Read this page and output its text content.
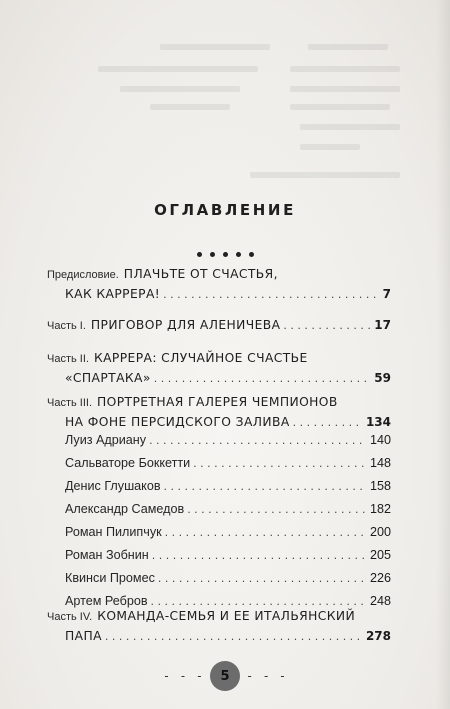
ОГЛАВЛЕНИЕ
Предисловие. ПЛАЧЬТЕ ОТ СЧАСТЬЯ,
КАК КАРРЕРА! . . .	7
Часть I. ПРИГОВОР ДЛЯ АЛЕНИЧЕВА . . .	17
Часть II. КАРРЕРА: СЛУЧАЙНОЕ СЧАСТЬЕ
«СПАРТАКА» . . .	59
Часть III. ПОРТРЕТНАЯ ГАЛЕРЕЯ ЧЕМПИОНОВ
НА ФОНЕ ПЕРСИДСКОГО ЗАЛИВА . . .	134
Луиз Адриану . . .	140
Сальваторе Боккетти . . .	148
Денис Глушаков . . .	158
Александр Самедов . . .	182
Роман Пилипчук . . .	200
Роман Зобнин . . .	205
Квинси Промес . . .	226
Артем Ребров . . .	248
Часть IV. КОМАНДА-СЕМЬЯ И ЕЕ ИТАЛЬЯНСКИЙ
ПАПА . . .	278
- - - 5 - - -
